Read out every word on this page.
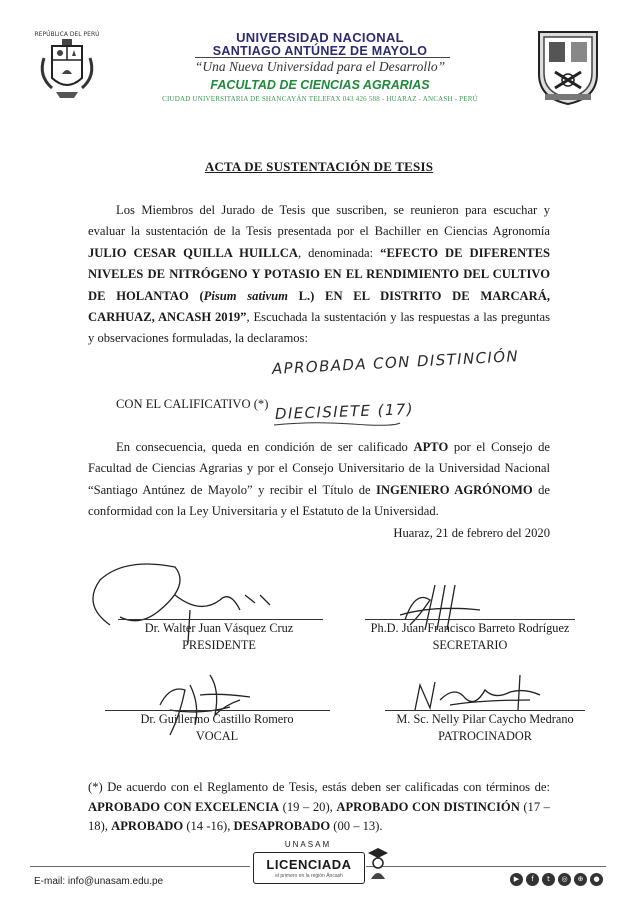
REPÚBLICA DEL PERÚ	UNIVERSIDAD NACIONAL
SANTIAGO ANTÚNEZ DE MAYOLO
“Una Nueva Universidad para el Desarrollo”
FACULTAD DE CIENCIAS AGRARIAS
CIUDAD UNIVERSITARIA DE SHANCAYÁN TELEFAX 043 426 588 - HUARAZ - ANCASH - PERÚ
ACTA DE SUSTENTACIÓN DE TESIS

Los Miembros del Jurado de Tesis que suscriben, se reunieron para escuchar y evaluar la sustentación de la Tesis presentada por el Bachiller en Ciencias Agronomía JULIO CESAR QUILLA HUILLCA, denominada: “EFECTO DE DIFERENTES NIVELES DE NITRÓGENO Y POTASIO EN EL RENDIMIENTO DEL CULTIVO DE HOLANTAO (Pisum sativum L.) EN EL DISTRITO DE MARCARÁ, CARHUAZ, ANCASH 2019”, Escuchada la sustentación y las respuestas a las preguntas y observaciones formuladas, la declaramos:

APROBADA CON DISTINCIÓN
CON EL CALIFICATIVO (*) DIECISIETE (17)
En consecuencia, queda en condición de ser calificado APTO por el Consejo de Facultad de Ciencias Agrarias y por el Consejo Universitario de la Universidad Nacional “Santiago Antúnez de Mayolo” y recibir el Título de INGENIERO AGRÓNOMO de conformidad con la Ley Universitaria y el Estatuto de la Universidad.
Huaraz, 21 de febrero del 2020
Dr. Walter Juan Vásquez Cruz
PRESIDENTE
Ph.D. Juan Francisco Barreto Rodríguez
SECRETARIO
Dr. Guillermo Castillo Romero
VOCAL
M. Sc. Nelly Pilar Caycho Medrano
PATROCINADOR
(*) De acuerdo con el Reglamento de Tesis, estás deben ser calificadas con términos de: APROBADO CON EXCELENCIA (19 – 20), APROBADO CON DISTINCIÓN (17 – 18), APROBADO (14 -16), DESAPROBADO (00 – 13).
E-mail: info@unasam.edu.pe
UNASAM
LICENCIADA
el primero en la región Áncash	▶	f	t	◎	⊕	●
